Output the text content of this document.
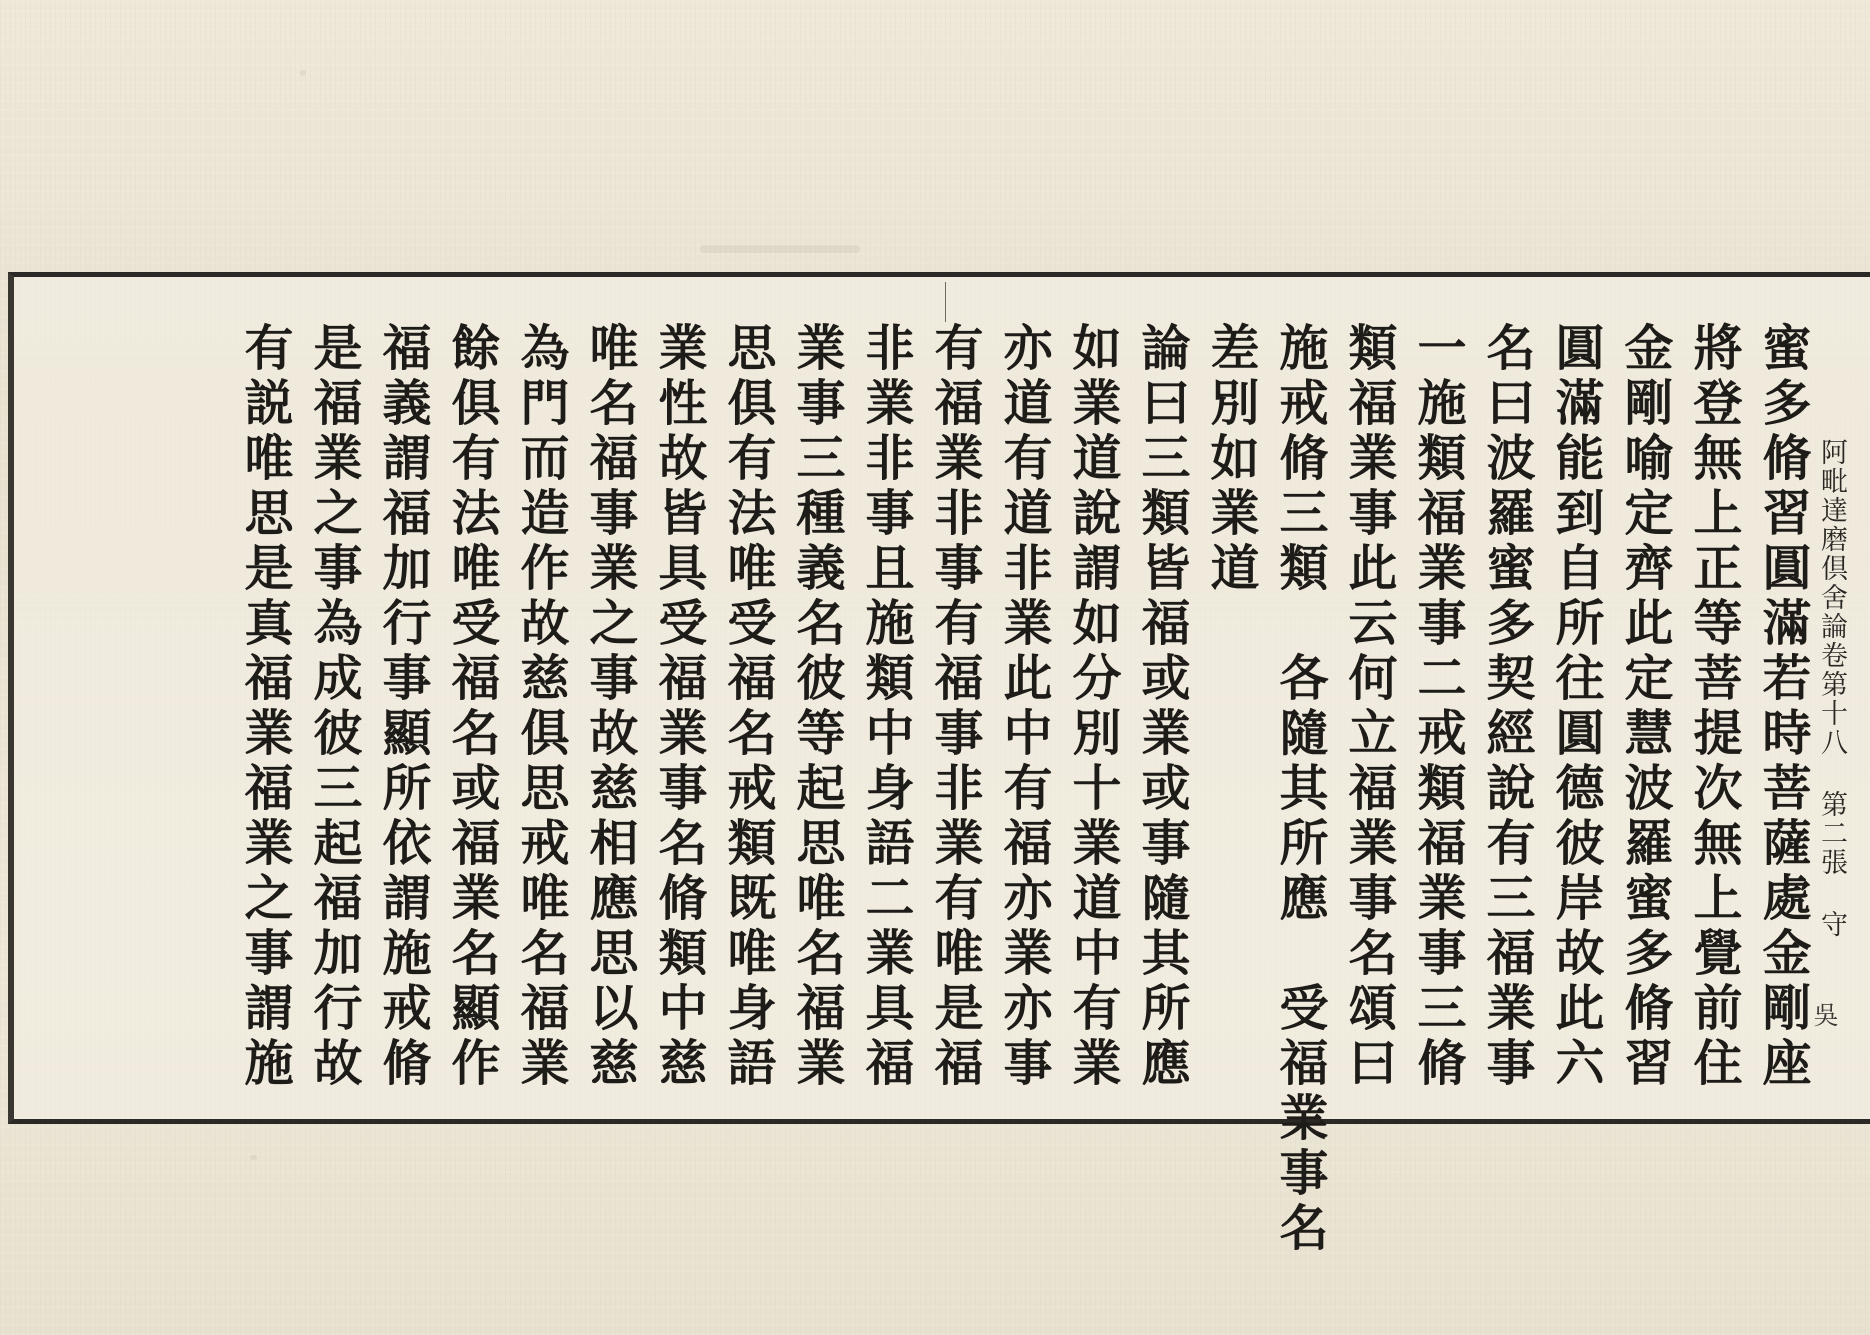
阿毗達磨倶舍論卷第十八 第二張 守
吳
蜜多脩習圓滿若時菩薩處金剛座
將登無上正等菩提次無上覺前住
金剛喻定齊此定慧波羅蜜多脩習
圓滿能到自所往圓德彼岸故此六
名曰波羅蜜多契經說有三福業事
一施類福業事二戒類福業事三脩
類福業事此云何立福業事名頌曰
施戒脩三類　各隨其所應　受福業事名
差別如業道
論曰三類皆福或業或事隨其所應
如業道說謂如分別十業道中有業
亦道有道非業此中有福亦業亦事
有福業非事有福事非業有唯是福
非業非事且施類中身語二業具福
業事三種義名彼等起思唯名福業
思俱有法唯受福名戒類既唯身語
業性故皆具受福業事名脩類中慈
唯名福事業之事故慈相應思以慈
為門而造作故慈俱思戒唯名福業
餘俱有法唯受福名或福業名顯作
福義謂福加行事顯所依謂施戒脩
是福業之事為成彼三起福加行故
有説唯思是真福業福業之事謂施
